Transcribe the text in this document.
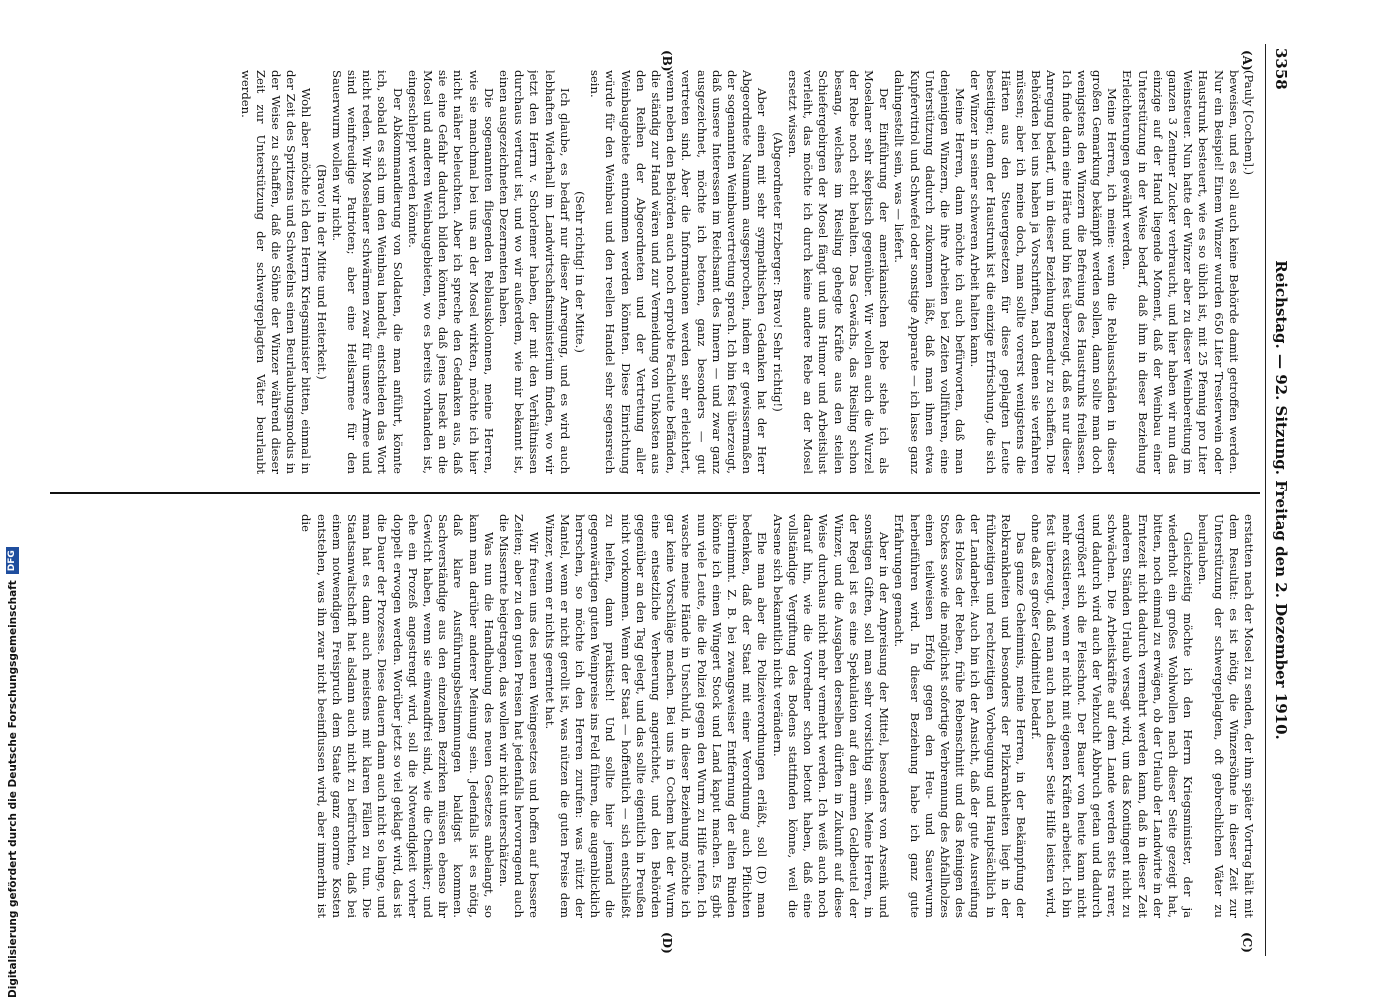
3358
Reichstag. — 92. Sitzung. Freitag den 2. Dezember 1910.
(A)
(B)
(C)
(D)

(Pauly [Cochem].)

beweisen, und es soll auch keine Behörde damit getroffen werden. Nur ein Beispiel! Einem Winzer wurden 650 Liter Tresterwein oder Haustrunk besteuert, wie es so üblich ist, mit 25 Pfennig pro Liter Weinsteuer. Nun hatte der Winzer aber zu dieser Weinbereitung im ganzen 3 Zentner Zucker verbraucht, und hier haben wir nun das einzige auf der Hand liegende Moment, daß der Weinbau einer Unterstützung in der Weise bedarf, daß ihm in dieser Beziehung Erleichterungen gewährt werden.

Meine Herren, ich meine: wenn die Reblausschäden in dieser großen Gemarkung bekämpft werden sollen, dann sollte man doch wenigstens den Winzern die Befreiung des Haustrunks freilassen. Ich finde darin eine Härte und bin fest überzeugt, daß es nur dieser Anregung bedarf, um in dieser Beziehung Remedur zu schaffen. Die Behörden bei uns haben ja Vorschriften, nach denen sie verfahren müssen; aber ich meine doch, man sollte vorerst wenigstens die Härten aus den Steuergesetzen für diese geplagten Leute beseitigen; denn der Haustrunk ist die einzige Erfrischung, die sich der Winzer in seiner schweren Arbeit halten kann.

Meine Herren, dann möchte ich auch befürworten, daß man denjenigen Winzern, die ihre Arbeiten bei Zeiten vollführen, eine Unterstützung dadurch zukommen läßt, daß man ihnen etwa Kupfervitriol und Schwefel oder sonstige Apparate — ich lasse ganz dahingestellt sein, was — liefert.

Der Einführung der amerikanischen Rebe stehe ich als Moselaner sehr skeptisch gegenüber. Wir wollen auch die Wurzel der Rebe noch echt behalten. Das Gewächs, das Riesling schon besang, welches im Riesling gehegte Kräfte aus den steilen Schiefergebirgen der Mosel fängt und uns Humor und Arbeitslust verleiht, das möchte ich durch keine andere Rebe an der Mosel ersetzt wissen.

(Abgeordneter Erzberger: Bravo! Sehr richtig!)

Aber einen mit sehr sympathischen Gedanken hat der Herr Abgeordnete Naumann ausgesprochen, indem er gewissermaßen der sogenannten Weinbauvertretung sprach. Ich bin fest überzeugt, daß unsere Interessen im Reichsamt des Innern — und zwar ganz ausgezeichnet, möchte ich betonen, ganz besonders — gut vertreten sind. Aber die Informationen werden sehr erleichtert, wenn neben den Behörden auch noch erprobte Fachleute befänden, die ständig zur Hand wären und zur Vermeidung von Unkosten aus den Reihen der Abgeordneten und der Vertretung aller Weinbaugebiete entnommen werden könnten. Diese Einrichtung würde für den Weinbau und den reellen Handel sehr segensreich sein.

(Sehr richtig! in der Mitte.)

Ich glaube, es bedarf nur dieser Anregung, und es wird auch lebhaften Widerhall im Landwirtschaftsministerium finden, wo wir jetzt den Herrn v. Schorlemer haben, der mit den Verhältnissen durchaus vertraut ist, und wo wir außerdem, wie mir bekannt ist, einen ausgezeichneten Dezernenten haben.

Die sogenannten fliegenden Reblauskolonnen, meine Herren, wie sie manchmal bei uns an der Mosel wirkten, möchte ich hier nicht näher beleuchten. Aber ich spreche den Gedanken aus, daß sie eine Gefahr dadurch bilden könnten, daß jenes Insekt an die Mosel und anderen Weinbaugebieten, wo es bereits vorhanden ist, eingeschleppt werden könnte.

Der Abkommandierung von Soldaten, die man anführt, könnte ich, sobald es sich um den Weinbau handelt, entschieden das Wort nicht reden. Wir Moselaner schwärmen zwar für unsere Armee und sind weinfreudige Patrioten; aber eine Heilsarmee für den Sauerwurm wollen wir nicht.

(Bravo! in der Mitte und Heiterkeit.)

Wohl aber möchte ich den Herrn Kriegsminister bitten, einmal in der Zeit des Spritzens und Schwefelns einen Beurlaubungsmodus in der Weise zu schaffen, daß die Söhne der Winzer während dieser Zeit zur Unterstützung der schwergeplagten Väter beurlaubt werden.

erstatten nach der Mosel zu senden, der ihm später Vortrag hält mit dem Resultat: es ist nötig, die Winzersöhne in dieser Zeit zur Unterstützung der schwergeplagten, oft gebrechlichen Väter zu beurlauben.

Gleichzeitig möchte ich den Herrn Kriegsminister, der ja wiederholt ein großes Wohlwollen nach dieser Seite gezeigt hat, bitten, noch einmal zu erwägen, ob der Urlaub der Landwirte in der Erntezeit nicht dadurch vermehrt werden kann, daß in dieser Zeit anderen Ständen Urlaub versagt wird, um das Kontingent nicht zu schwächen. Die Arbeitskräfte auf dem Lande werden stets rarer, und dadurch wird auch der Viehzucht Abbruch getan und dadurch vergrößert sich die Fleischnot. Der Bauer von heute kann nicht mehr existieren, wenn er nicht mit eigenen Kräften arbeitet. Ich bin fest überzeugt, daß man auch nach dieser Seite Hilfe leisten wird, ohne daß es großer Geldmittel bedarf.

Das ganze Geheimnis, meine Herren, in der Bekämpfung der Rebkrankheiten und besonders der Pilzkrankheiten liegt in der frühzeitigen und rechtzeitigen Vorbeugung und Hauptsächlich in der Landarbeit. Auch bin ich der Ansicht, daß der gute Ausreifung des Holzes der Reben, frühe Rebenschnitt und das Reinigen des Stockes sowie die möglichst sofortige Verbrennung des Abfallholzes einen teilweisen Erfolg gegen den Heu- und Sauerwurm herbeiführen wird. In dieser Beziehung habe ich ganz gute Erfahrungen gemacht.

Aber in der Anpreisung der Mittel, besonders von Arsenik und sonstigen Giften, soll man sehr vorsichtig sein. Meine Herren, in der Regel ist es eine Spekulation auf den armen Geldbeutel der Winzer, und die Ausgaben derselben dürften in Zukunft auf diese Weise durchaus nicht mehr vermehrt werden. Ich weiß auch noch darauf hin, wie die Vorredner schon betont haben, daß eine vollständige Vergiftung des Bodens stattfinden könne, weil die Arsene sich bekanntlich nicht verändern.

Ehe man aber die Polizeiverordnungen erläßt, soll (D) man bedenken, daß der Staat mit einer Verordnung auch Pflichten übernimmt. Z. B. bei zwangsweiser Entfernung der alten Rinden könnte ich einen Wingert Stock und Land kaput machen. Es gibt nun viele Leute, die die Polizei gegen den Wurm zu Hilfe rufen. Ich wasche meine Hände in Unschuld, in dieser Beziehung möchte ich gar keine Vorschläge machen. Bei uns in Cochem hat der Wurm eine entsetzliche Verheerung angerichtet, und den Behörden gegenüber an den Tag gelegt, und das sollte eigentlich in Preußen nicht vorkommen. Wenn der Staat — hoffentlich — sich entschließt zu helfen, dann praktisch! Und sollte hier jemand die gegenwärtigen guten Weinpreise ins Feld führen, die augenblicklich herrschen, so möchte ich den Herren zurufen: was nützt der Mantel, wenn er nicht gerollt ist, was nützen die guten Preise dem Winzer, wenn er nichts geerntet hat.

Wir freuen uns des neuen Weingesetzes und hoffen auf bessere Zeiten; aber zu den guten Preisen hat jedenfalls hervorragend auch die Missernte beigetragen, das wollen wir nicht unterschätzen.

Was nun die Handhabung des neuen Gesetzes anbelangt, so kann man darüber anderer Meinung sein. Jedenfalls ist es nötig, daß klare Ausführungsbestimmungen baldigst kommen. Sachverständige aus den einzelnen Bezirken müssen ebenso ihr Gewicht haben, wenn sie einwandfrei sind, wie die Chemiker; und ehe ein Prozeß angestrengt wird, soll die Notwendigkeit vorher doppelt erwogen werden. Worüber jetzt so viel geklagt wird, das ist die Dauer der Prozesse. Diese dauern dann auch nicht so lange, und man hat es dann auch meistens mit klaren Fällen zu tun. Die Staatsanwaltschaft hat alsdann auch nicht zu befürchten, daß bei einem notwendigen Freispruch dem Staate ganz enorme Kosten entstehen, was ihn zwar nicht beeinflussen wird, aber immerhin ist die

Digitalisierung gefördert durch die Deutsche Forschungsgemeinschaft
DFG
